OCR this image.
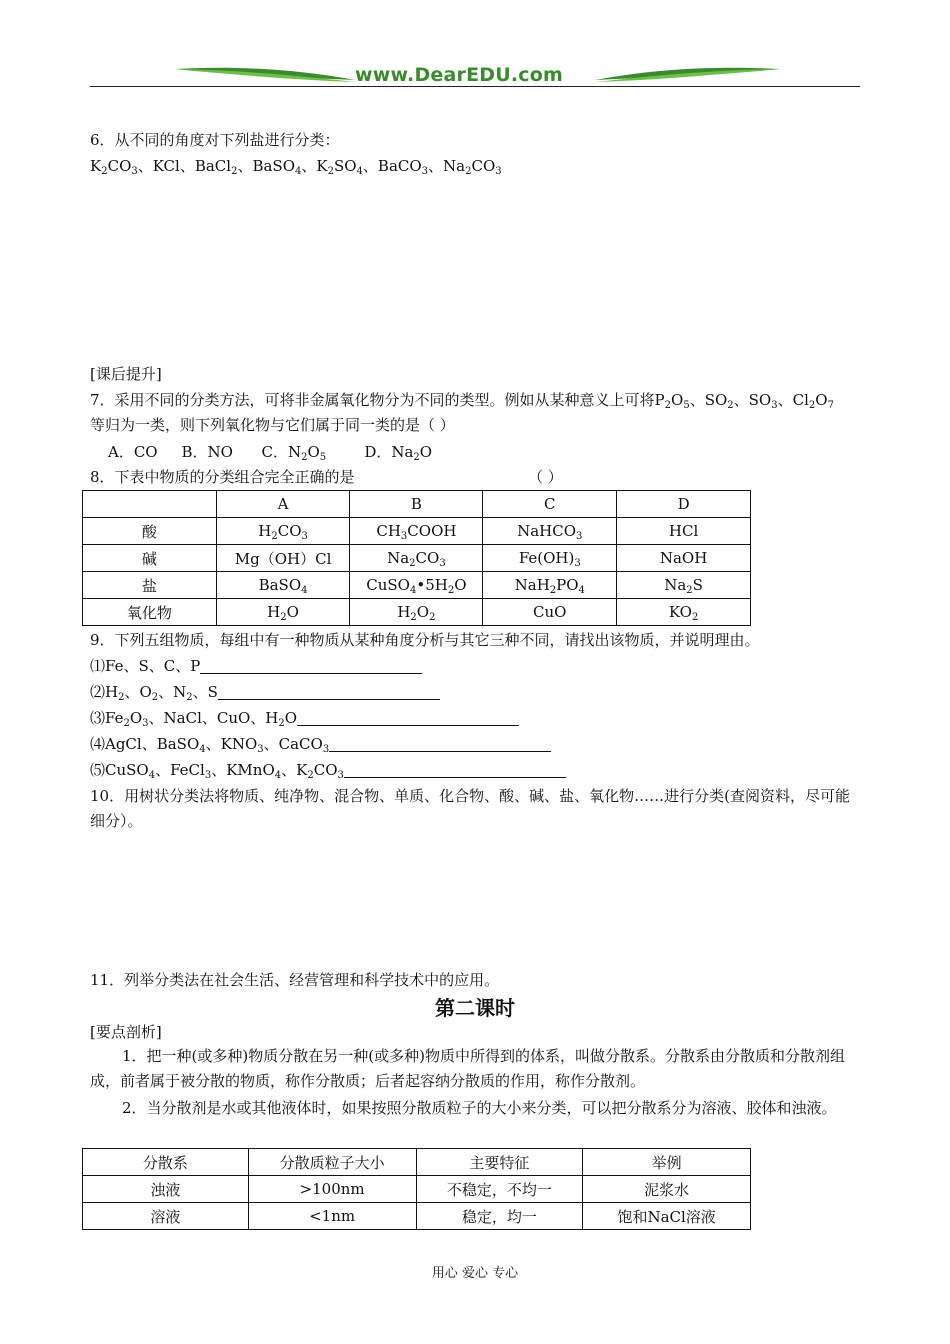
www.DearEDU.com
6．从不同的角度对下列盐进行分类：
$K_2CO_3$、KCl、BaCl$_2$、BaSO$_4$、$K_2SO_4$、BaCO$_3$、$Na_2CO_3$
[课后提升]
7．采用不同的分类方法，可将非金属氧化物分为不同的类型。例如从某种意义上可将$P_2O_5$、$SO_2$、$SO_3$、$Cl_2O_7$
等归为一类，则下列氧化物与它们属于同一类的是（ ）
A．CO     B．NO      C．$N_2O_5$        D．$Na_2O$
8．下表中物质的分类组合完全正确的是	（ ）
	A	B	C	D
酸	$H_2CO_3$	$CH_3COOH$	NaHCO$_3$	HCl
碱	Mg（OH）Cl	$Na_2CO_3$	$Fe(OH)_3$	NaOH
盐	BaSO$_4$	$CuSO_4•5H_2O$	$NaH_2PO_4$	$Na_2S$
氧化物	$H_2O$	$H_2O_2$	CuO	$KO_2$
9．下列五组物质，每组中有一种物质从某种角度分析与其它三种不同，请找出该物质，并说明理由。
⑴Fe、S、C、P
$⑵H_2$、$O_2$、$N_2$、S
$⑶Fe_2O_3$、NaCl、CuO、$H_2O$
⑷AgCl、BaSO$_4$、$KNO_3$、CaCO$_3$
⑸CuSO$_4$、FeCl$_3$、KMnO$_4$、$K_2CO_3$
10．用树状分类法将物质、纯净物、混合物、单质、化合物、酸、碱、盐、氧化物……进行分类(查阅资料，尽可能细分）。
11．列举分类法在社会生活、经营管理和科学技术中的应用。
第二课时
[要点剖析]
1．把一种(或多种)物质分散在另一种(或多种)物质中所得到的体系，叫做分散系。分散系由分散质和分散剂组成，前者属于被分散的物质，称作分散质；后者起容纳分散质的作用，称作分散剂。
2．当分散剂是水或其他液体时，如果按照分散质粒子的大小来分类，可以把分散系分为溶液、胶体和浊液。
分散系	分散质粒子大小	主要特征	举例
浊液	>100nm	不稳定，不均一	泥浆水
溶液	<1nm	稳定，均一	饱和NaCl溶液
用心 爱心 专心
